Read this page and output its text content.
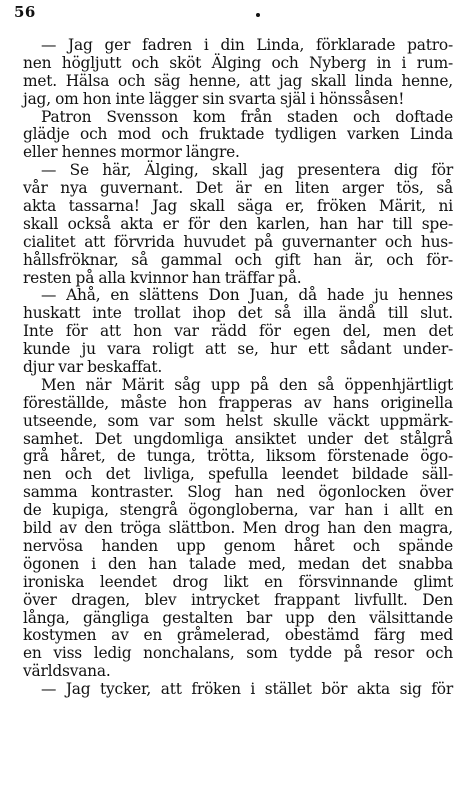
56
— Jag ger fadren i din Linda, förklarade patro-
nen högljutt och sköt Älging och Nyberg in i rum-
met. Hälsa och säg henne, att jag skall linda henne,
jag, om hon inte lägger sin svarta själ i hönssåsen!
Patron Svensson kom från staden och doftade
glädje och mod och fruktade tydligen varken Linda
eller hennes mormor längre.
— Se här, Älging, skall jag presentera dig för
vår nya guvernant. Det är en liten arger tös, så
akta tassarna! Jag skall säga er, fröken Märit, ni
skall också akta er för den karlen, han har till spe-
cialitet att förvrida huvudet på guvernanter och hus-
hållsfröknar, så gammal och gift han är, och för-
resten på alla kvinnor han träffar på.
— Ahå, en slättens Don Juan, då hade ju hennes
huskatt inte trollat ihop det så illa ändå till slut.
Inte för att hon var rädd för egen del, men det
kunde ju vara roligt att se, hur ett sådant under-
djur var beskaffat.
Men när Märit såg upp på den så öppenhjärtligt
föreställde, måste hon frapperas av hans originella
utseende, som var som helst skulle väckt uppmärk-
samhet. Det ungdomliga ansiktet under det stålgrå
grå håret, de tunga, trötta, liksom förstenade ögo-
nen och det livliga, spefulla leendet bildade säll-
samma kontraster. Slog han ned ögonlocken över
de kupiga, stengrå ögongloberna, var han i allt en
bild av den tröga slättbon. Men drog han den magra,
nervösa handen upp genom håret och spände
ögonen i den han talade med, medan det snabba
ironiska leendet drog likt en försvinnande glimt
över dragen, blev intrycket frappant livfullt. Den
långa, gängliga gestalten bar upp den välsittande
kostymen av en gråmelerad, obestämd färg med
en viss ledig nonchalans, som tydde på resor och
världsvana.
— Jag tycker, att fröken i stället bör akta sig för
